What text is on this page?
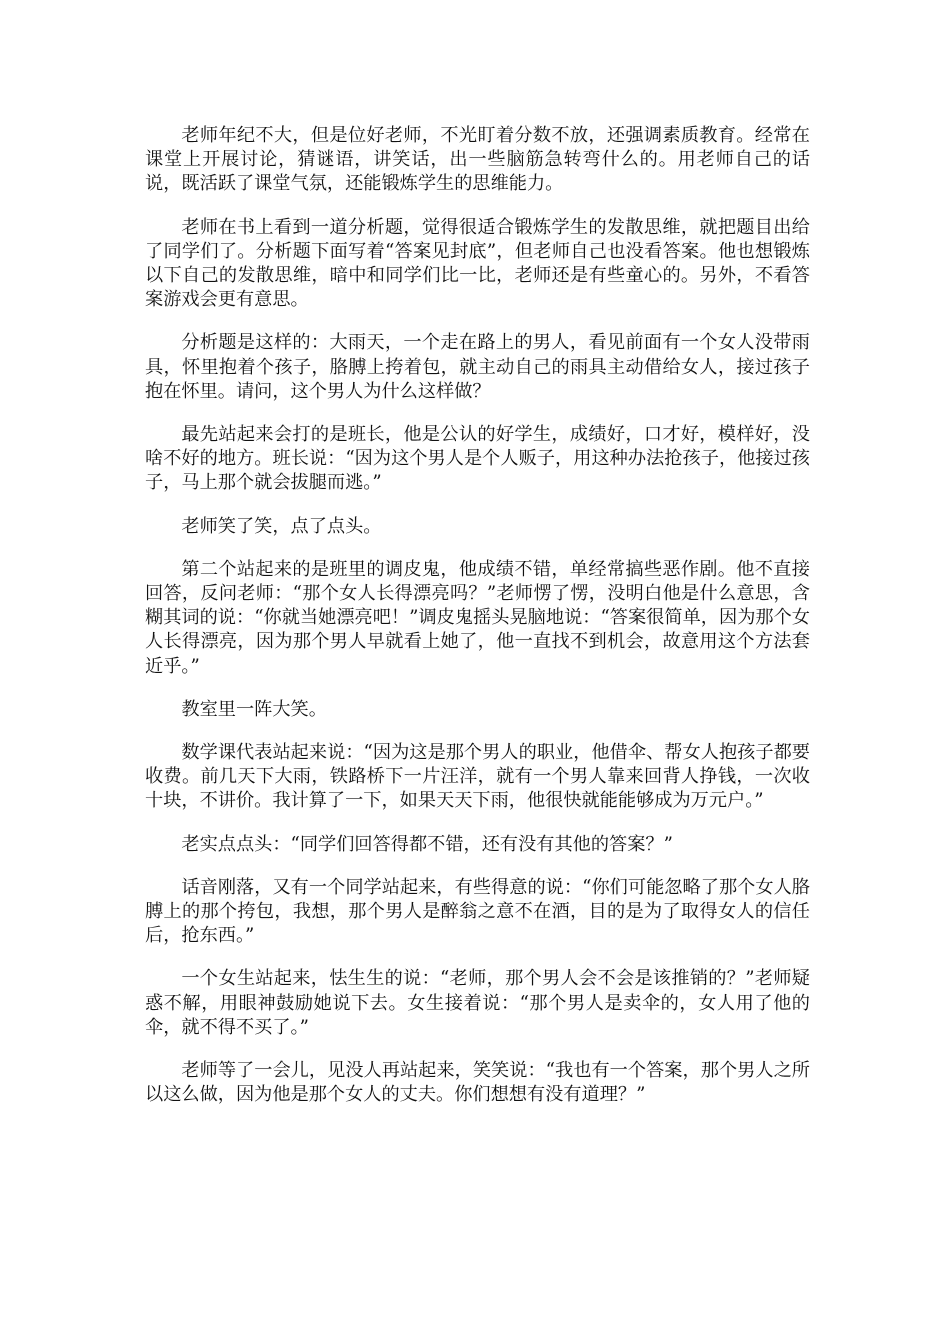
老师年纪不大，但是位好老师，不光盯着分数不放，还强调素质教育。经常在课堂上开展讨论，猜谜语，讲笑话，出一些脑筋急转弯什么的。用老师自己的话说，既活跃了课堂气氛，还能锻炼学生的思维能力。

老师在书上看到一道分析题，觉得很适合锻炼学生的发散思维，就把题目出给了同学们了。分析题下面写着“答案见封底”，但老师自己也没看答案。他也想锻炼以下自己的发散思维，暗中和同学们比一比，老师还是有些童心的。另外，不看答案游戏会更有意思。

分析题是这样的：大雨天，一个走在路上的男人，看见前面有一个女人没带雨具，怀里抱着个孩子，胳膊上挎着包，就主动自己的雨具主动借给女人，接过孩子抱在怀里。请问，这个男人为什么这样做？

最先站起来会打的是班长，他是公认的好学生，成绩好，口才好，模样好，没啥不好的地方。班长说：“因为这个男人是个人贩子，用这种办法抢孩子，他接过孩子，马上那个就会拔腿而逃。”

老师笑了笑，点了点头。

第二个站起来的是班里的调皮鬼，他成绩不错，单经常搞些恶作剧。他不直接回答，反问老师：“那个女人长得漂亮吗？”老师愣了愣，没明白他是什么意思，含糊其词的说：“你就当她漂亮吧！”调皮鬼摇头晃脑地说：“答案很简单，因为那个女人长得漂亮，因为那个男人早就看上她了，他一直找不到机会，故意用这个方法套近乎。”

教室里一阵大笑。

数学课代表站起来说：“因为这是那个男人的职业，他借伞、帮女人抱孩子都要收费。前几天下大雨，铁路桥下一片汪洋，就有一个男人靠来回背人挣钱，一次收十块，不讲价。我计算了一下，如果天天下雨，他很快就能能够成为万元户。”

老实点点头：“同学们回答得都不错，还有没有其他的答案？”

话音刚落，又有一个同学站起来，有些得意的说：“你们可能忽略了那个女人胳膊上的那个挎包，我想，那个男人是醉翁之意不在酒，目的是为了取得女人的信任后，抢东西。”

一个女生站起来，怯生生的说：“老师，那个男人会不会是该推销的？”老师疑惑不解，用眼神鼓励她说下去。女生接着说：“那个男人是卖伞的，女人用了他的伞，就不得不买了。”

老师等了一会儿，见没人再站起来，笑笑说：“我也有一个答案，那个男人之所以这么做，因为他是那个女人的丈夫。你们想想有没有道理？”
